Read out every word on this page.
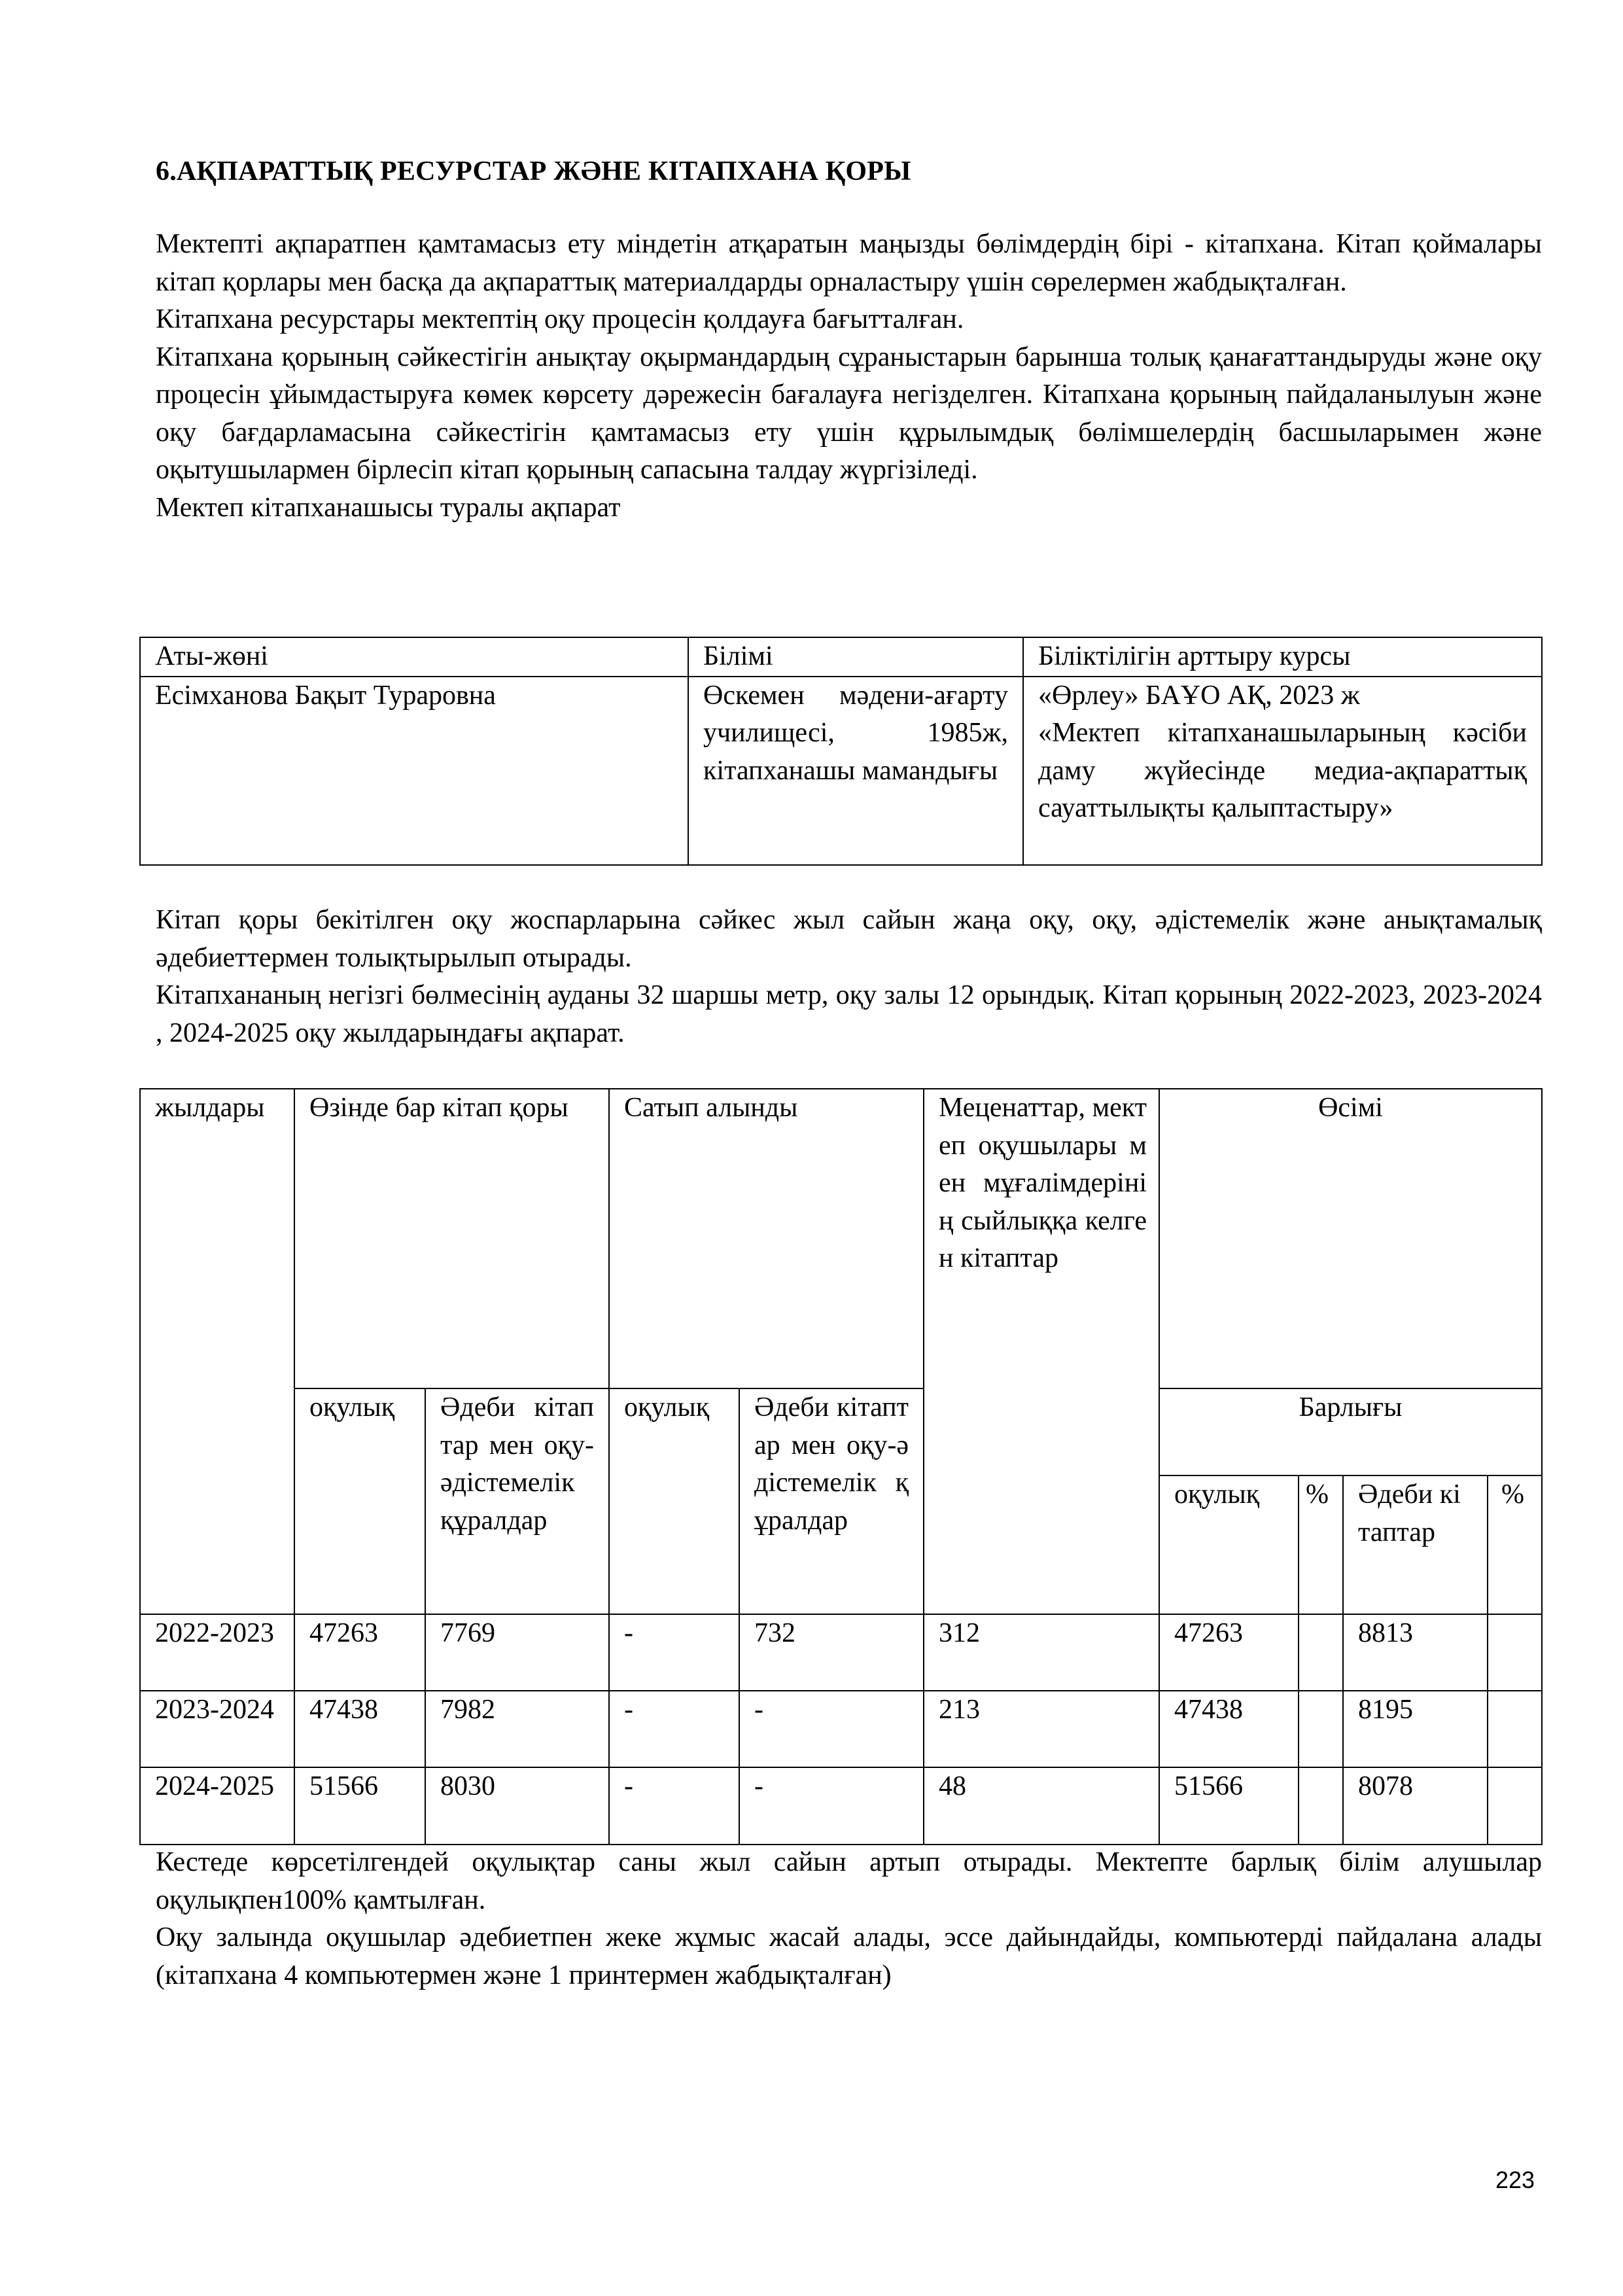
6.АҚПАРАТТЫҚ РЕСУРСТАР ЖӘНЕ КІТАПХАНА ҚОРЫ

Мектепті ақпаратпен қамтамасыз ету міндетін атқаратын маңызды бөлімдердің бірі - кітапхана. Кітап қоймалары кітап қорлары мен басқа да ақпараттық материалдарды орналастыру үшін сөрелермен жабдықталған.

Кітапхана ресурстары мектептің оқу процесін қолдауға бағытталған.

Кітапхана қорының сәйкестігін анықтау оқырмандардың сұраныстарын барынша толық қанағаттандыруды және оқу процесін ұйымдастыруға көмек көрсету дәрежесін бағалауға негізделген. Кітапхана қорының пайдаланылуын және оқу бағдарламасына сәйкестігін қамтамасыз ету үшін құрылымдық бөлімшелердің басшыларымен және оқытушылармен бірлесіп кітап қорының сапасына талдау жүргізіледі.

Мектеп кітапханашысы туралы ақпарат

Аты-жөні	Білімі	Біліктілігін арттыру курсы
Есімханова Бақыт Тураровна	Өскемен мәдени-ағарту училищесі, 1985ж, кітапханашы мамандығы	«Өрлеу» БАҰО АҚ, 2023 ж
«Мектеп кітапханашыларының кәсіби даму жүйесінде медиа-ақпараттық сауаттылықты қалыптастыру»

Кітап қоры бекітілген оқу жоспарларына сәйкес жыл сайын жаңа оқу, оқу, әдістемелік және анықтамалық әдебиеттермен толықтырылып отырады.

Кітапхананың негізгі бөлмесінің ауданы 32 шаршы метр, оқу залы 12 орындық. Кітап қорының 2022-2023, 2023-2024 , 2024-2025 оқу жылдарындағы ақпарат.

жылдары	Өзінде бар кітап қоры		Сатып алынды		Меценаттар, мектеп оқушылары мен мұғалімдерінің сыйлыққа келген кітаптар	Өсімі			
	оқулық	Әдеби кітаптар мен оқу-әдістемелік құралдар	оқулық	Әдеби кітаптар мен оқу-әдістемелік құралдар		Барлығы			
						оқулық	%	Әдеби кітаптар	%
2022-2023	47263	7769	-	732	312	47263		8813	
2023-2024	47438	7982	-	-	213	47438		8195	
2024-2025	51566	8030	-	-	48	51566		8078	

Кестеде көрсетілгендей оқулықтар саны жыл сайын артып отырады. Мектепте барлық білім алушылар оқулықпен100% қамтылған.

Оқу залында оқушылар әдебиетпен жеке жұмыс жасай алады, эссе дайындайды, компьютерді пайдалана алады (кітапхана 4 компьютермен және 1 принтермен жабдықталған)

223
